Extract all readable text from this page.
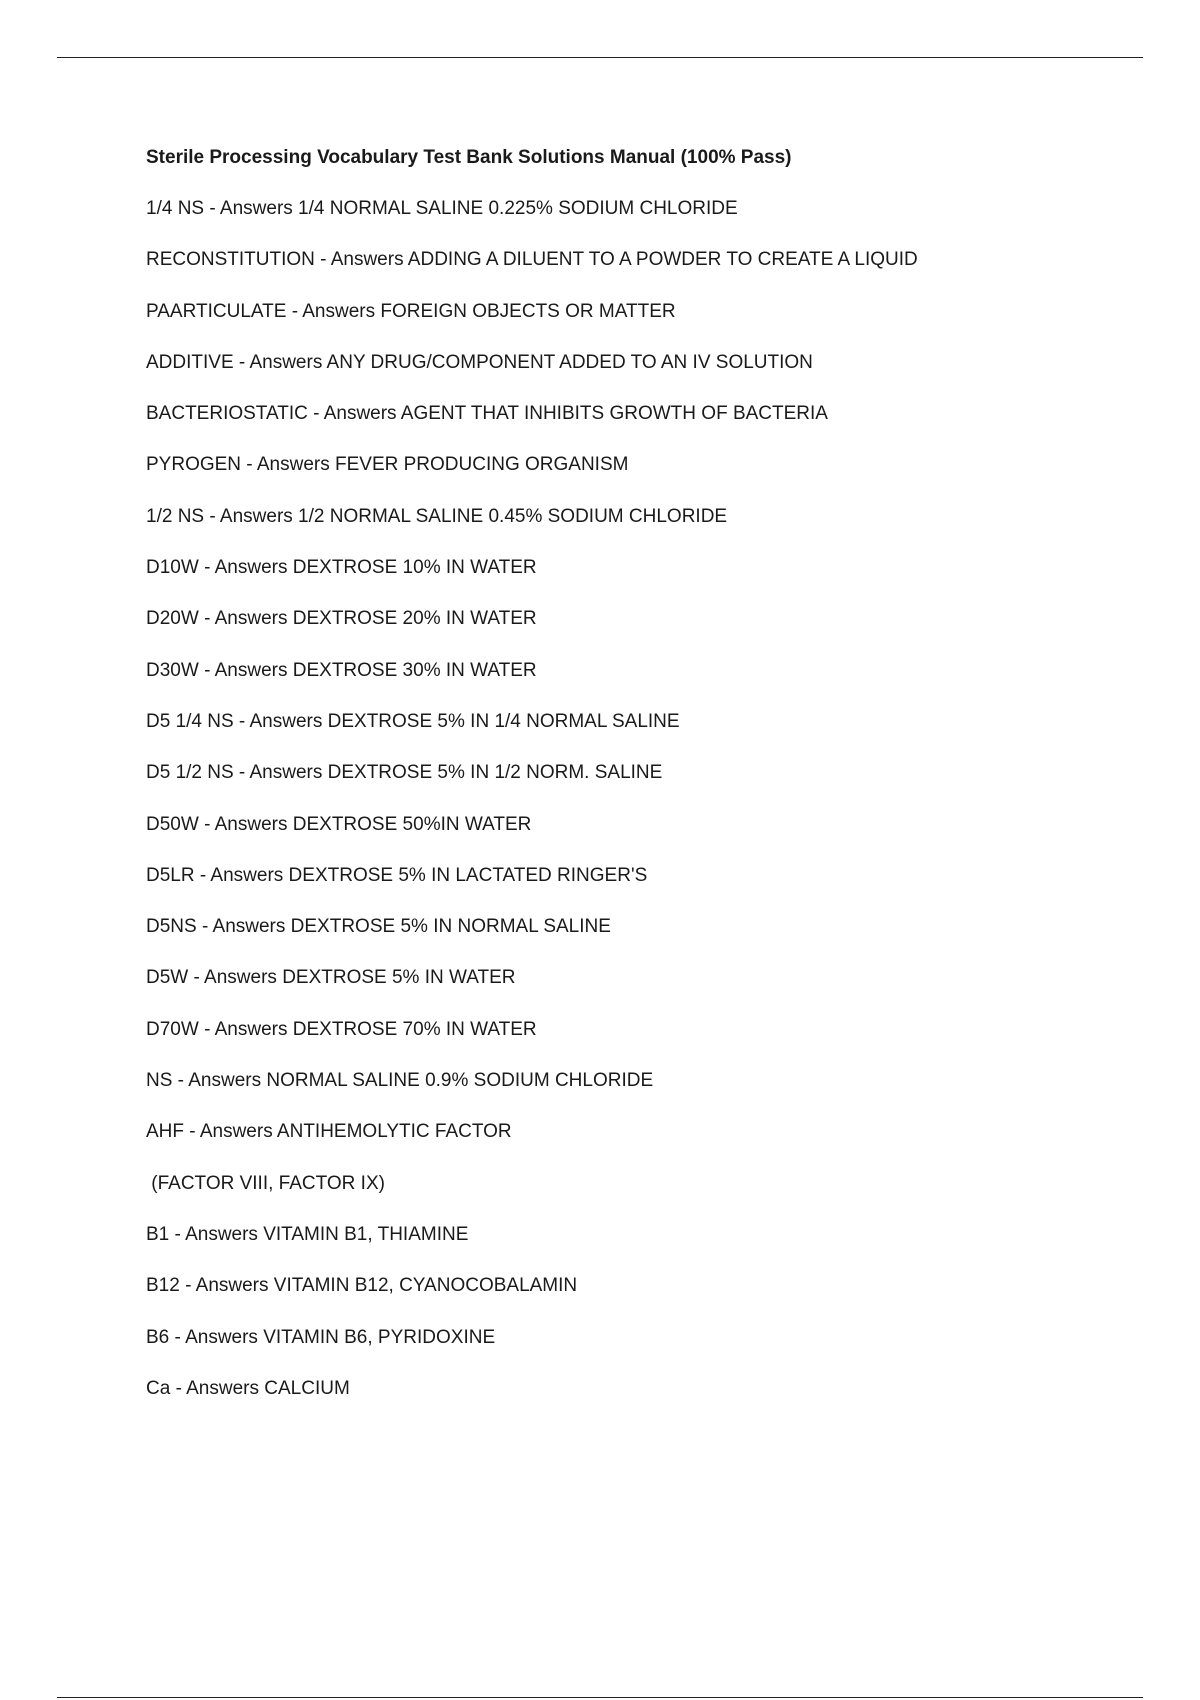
Sterile Processing Vocabulary Test Bank Solutions Manual (100% Pass)
1/4 NS - Answers 1/4 NORMAL SALINE 0.225% SODIUM CHLORIDE
RECONSTITUTION - Answers ADDING A DILUENT TO A POWDER TO CREATE A LIQUID
PAARTICULATE - Answers FOREIGN OBJECTS OR MATTER
ADDITIVE - Answers ANY DRUG/COMPONENT ADDED TO AN IV SOLUTION
BACTERIOSTATIC - Answers AGENT THAT INHIBITS GROWTH OF BACTERIA
PYROGEN - Answers FEVER PRODUCING ORGANISM
1/2 NS - Answers 1/2 NORMAL SALINE 0.45% SODIUM CHLORIDE
D10W - Answers DEXTROSE 10% IN WATER
D20W - Answers DEXTROSE 20% IN WATER
D30W - Answers DEXTROSE 30% IN WATER
D5 1/4 NS - Answers DEXTROSE 5% IN 1/4 NORMAL SALINE
D5 1/2 NS - Answers DEXTROSE 5% IN 1/2 NORM. SALINE
D50W - Answers DEXTROSE 50%IN WATER
D5LR - Answers DEXTROSE 5% IN LACTATED RINGER'S
D5NS - Answers DEXTROSE 5% IN NORMAL SALINE
D5W - Answers DEXTROSE 5% IN WATER
D70W - Answers DEXTROSE 70% IN WATER
NS - Answers NORMAL SALINE 0.9% SODIUM CHLORIDE
AHF - Answers ANTIHEMOLYTIC FACTOR
(FACTOR VIII, FACTOR IX)
B1 - Answers VITAMIN B1, THIAMINE
B12 - Answers VITAMIN B12, CYANOCOBALAMIN
B6 - Answers VITAMIN B6, PYRIDOXINE
Ca - Answers CALCIUM
